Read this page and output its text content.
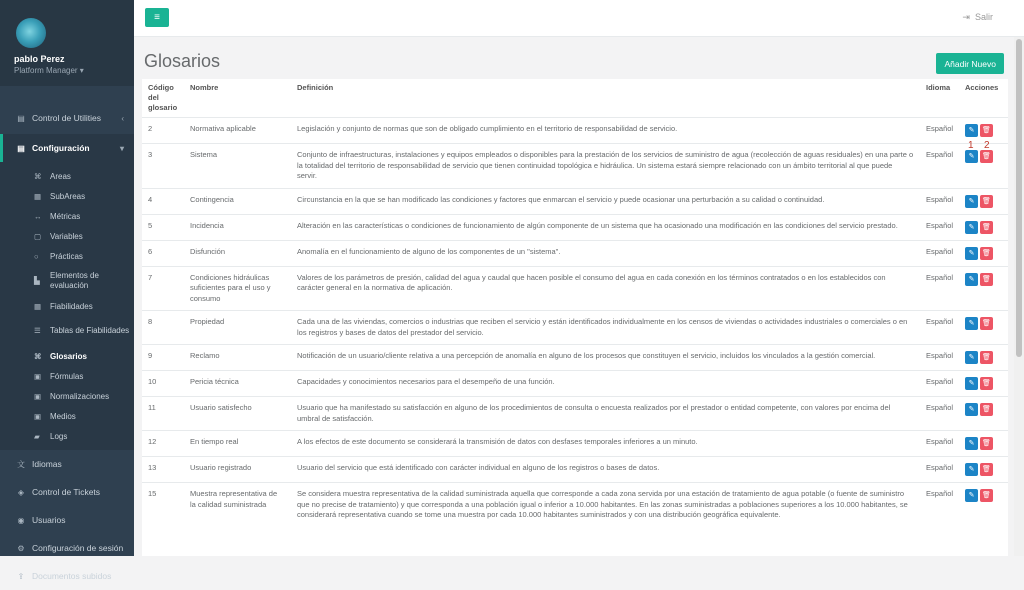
pablo Perez
Platform Manager ▾
▤ Control de Utilities	‹
▤ Configuración	▾
⌘	Areas
▦	SubAreas
↔	Métricas
▢	Variables
○	Prácticas
▙
Elementos de evaluación
▦	Fiabilidades
☰	Tablas de Fiabilidades
⌘	Glosarios
▣	Fórmulas
▣	Normalizaciones
▣	Medios
▰	Logs
文 Idiomas
◈ Control de Tickets
◉ Usuarios
⚙ Configuración de sesión
⇪ Documentos subidos
≡	⇥ Salir
Glosarios	Añadir Nuevo
Código del glosario	Nombre	Definición	Idioma	Acciones
2	Normativa aplicable	Legislación y conjunto de normas que son de obligado cumplimiento en el territorio de responsabilidad de servicio.	Español	✎ 🗑
3	Sistema	Conjunto de infraestructuras, instalaciones y equipos empleados o disponibles para la prestación de los servicios de suministro de agua (recolección de aguas residuales) en una parte o la totalidad del territorio de responsabilidad de servicio que tienen continuidad topológica e hidráulica. Un sistema estará siempre relacionado con un ámbito territorial al que puede servir.	Español	✎ 🗑
4	Contingencia	Circunstancia en la que se han modificado las condiciones y factores que enmarcan el servicio y puede ocasionar una perturbación a su calidad o continuidad.	Español	✎ 🗑
5	Incidencia	Alteración en las características o condiciones de funcionamiento de algún componente de un sistema que ha ocasionado una modificación en las condiciones del servicio prestado.	Español	✎ 🗑
6	Disfunción	Anomalía en el funcionamiento de alguno de los componentes de un "sistema".	Español	✎ 🗑
7	Condiciones hidráulicas suficientes para el uso y consumo	Valores de los parámetros de presión, calidad del agua y caudal que hacen posible el consumo del agua en cada conexión en los términos contratados o en los establecidos con carácter general en la normativa de aplicación.	Español	✎ 🗑
8	Propiedad	Cada una de las viviendas, comercios o industrias que reciben el servicio y están identificados individualmente en los censos de viviendas o actividades industriales o comerciales o en los registros y bases de datos del prestador del servicio.	Español	✎ 🗑
9	Reclamo	Notificación de un usuario/cliente relativa a una percepción de anomalía en alguno de los procesos que constituyen el servicio, incluidos los vinculados a la gestión comercial.	Español	✎ 🗑
10	Pericia técnica	Capacidades y conocimientos necesarios para el desempeño de una función.	Español	✎ 🗑
11	Usuario satisfecho	Usuario que ha manifestado su satisfacción en alguno de los procedimientos de consulta o encuesta realizados por el prestador o entidad competente, con valores por encima del umbral de satisfacción.	Español	✎ 🗑
12	En tiempo real	A los efectos de este documento se considerará la transmisión de datos con desfases temporales inferiores a un minuto.	Español	✎ 🗑
13	Usuario registrado	Usuario del servicio que está identificado con carácter individual en alguno de los registros o bases de datos.	Español	✎ 🗑
15	Muestra representativa de la calidad suministrada	Se considera muestra representativa de la calidad suministrada aquella que corresponde a cada zona servida por una estación de tratamiento de agua potable (o fuente de suministro que no precise de tratamiento) y que corresponda a una población igual o inferior a 10.000 habitantes. En las zonas suministradas a poblaciones superiores a los 10.000 habitantes, se considerará representativa cuando se tome una muestra por cada 10.000 habitantes suministrados y con una distribución geográfica equivalente.	Español	✎ 🗑
1 2
